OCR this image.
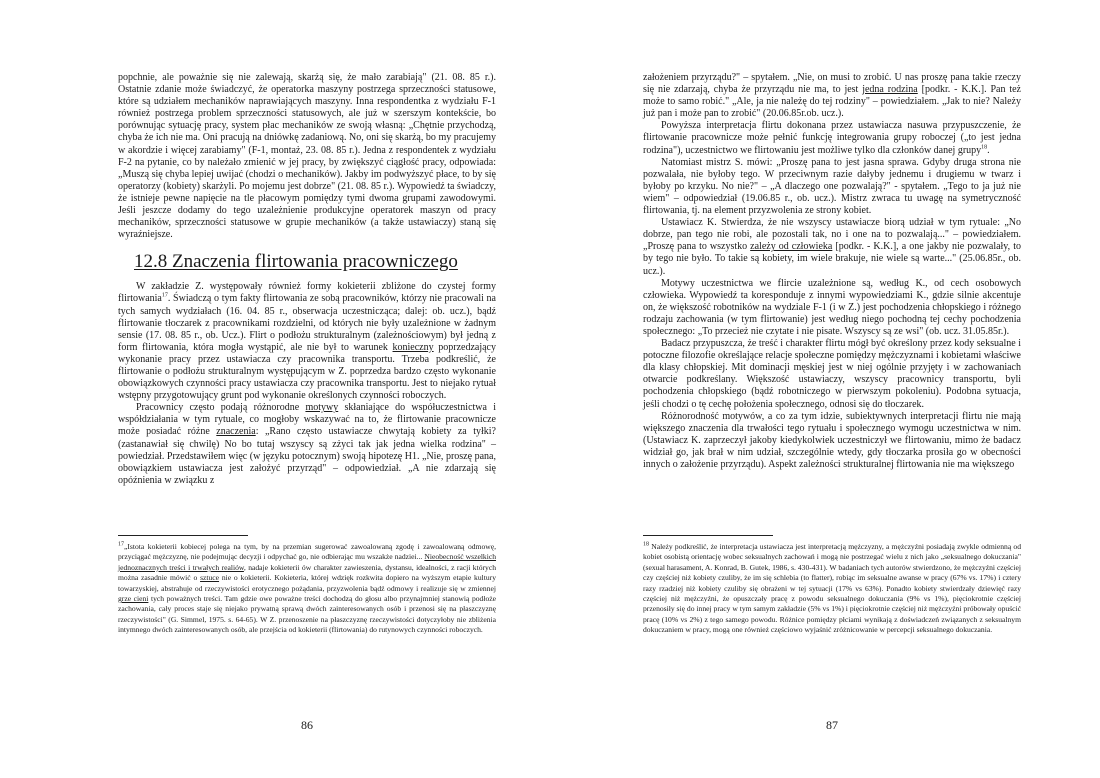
popchnie, ale poważnie się nie zalewają, skarżą się, że mało zarabiają" (21. 08. 85 r.). Ostatnie zdanie może świadczyć, że operatorka maszyny postrzega sprzeczności statusowe, które są udziałem mechaników naprawiających maszyny. Inna respondentka z wydziału F-1 również postrzega problem sprzeczności statusowych, ale już w szerszym kontekście, bo porównując sytuację pracy, system płac mechaników ze swoją własną: „Chętnie przychodzą, chyba że ich nie ma. Oni pracują na dniówkę zadaniową. No, oni się skarżą, bo my pracujemy w akordzie i więcej zarabiamy" (F-1, montaż, 23. 08. 85 r.). Jedna z respondentek z wydziału F-2 na pytanie, co by należało zmienić w jej pracy, by zwiększyć ciągłość pracy, odpowiada: „Muszą się chyba lepiej uwijać (chodzi o mechaników). Jakby im podwyższyć płace, to by się operatorzy (kobiety) skarżyli. Po mojemu jest dobrze" (21. 08. 85 r.). Wypowiedź ta świadczy, że istnieje pewne napięcie na tle płacowym pomiędzy tymi dwoma grupami zawodowymi. Jeśli jeszcze dodamy do tego uzależnienie produkcyjne operatorek maszyn od pracy mechaników, sprzeczności statusowe w grupie mechaników (a także ustawiaczy) staną się wyraźniejsze.

12.8 Znaczenia flirtowania pracowniczego

W zakładzie Z. występowały również formy kokieterii zbliżone do czystej formy flirtowania$^{17}$. Świadczą o tym fakty flirtowania ze sobą pracowników, którzy nie pracowali na tych samych wydziałach (16. 04. 85 r., obserwacja uczestnicząca; dalej: ob. ucz.), bądź flirtowanie tłoczarek z pracownikami rozdzielni, od których nie były uzależnione w żadnym sensie (17. 08. 85 r., ob. Ucz.). Flirt o podłożu strukturalnym (zależnościowym) był jedną z form flirtowania, która mogła wystąpić, ale nie był to warunek konieczny poprzedzający wykonanie pracy przez ustawiacza czy pracownika transportu. Trzeba podkreślić, że flirtowanie o podłożu strukturalnym występującym w Z. poprzedza bardzo często wykonanie obowiązkowych czynności pracy ustawiacza czy pracownika transportu. Jest to niejako rytuał wstępny przygotowujący grunt pod wykonanie określonych czynności roboczych.

Pracownicy często podają różnorodne motywy skłaniające do współuczestnictwa i współdziałania w tym rytuale, co mogłoby wskazywać na to, że flirtowanie pracownicze może posiadać różne znaczenia: „Rano często ustawiacze chwytają kobiety za tyłki? (zastanawiał się chwilę) No bo tutaj wszyscy są zżyci tak jak jedna wielka rodzina" – powiedział. Przedstawiłem więc (w języku potocznym) swoją hipotezę H1. „Nie, proszę pana, obowiązkiem ustawiacza jest założyć przyrząd" – odpowiedział. „A nie zdarzają się opóźnienia w związku z

$^{17}$„Istota kokieterii kobiecej polega na tym, by na przemian sugerować zawoalowaną zgodę i zawoalowaną odmowę, przyciągać mężczyznę, nie podejmując decyzji i odpychać go, nie odbierając mu wszakże nadziei... Nieobecność wszelkich jednoznacznych treści i trwałych realiów, nadaje kokieterii ów charakter zawieszenia, dystansu, idealności, z racji których można zasadnie mówić o sztuce nie o kokieterii. Kokieteria, której wdzięk rozkwita dopiero na wyższym etapie kultury towarzyskiej, abstrahuje od rzeczywistości erotycznego pożądania, przyzwolenia bądź odmowy i realizuje się w zmiennej grze cieni tych poważnych treści. Tam gdzie owe poważne treści dochodzą do głosu albo przynajmniej stanowią podłoże zachowania, cały proces staje się niejako prywatną sprawą dwóch zainteresowanych osób i przenosi się na płaszczyznę rzeczywistości" (G. Simmel, 1975. s. 64-65). W Z. przenoszenie na płaszczyznę rzeczywistości dotyczyłoby nie zbliżenia intymnego dwóch zainteresowanych osób, ale przejścia od kokieterii (flirtowania) do rutynowych czynności roboczych.

86

założeniem przyrządu?" – spytałem. „Nie, on musi to zrobić. U nas proszę pana takie rzeczy się nie zdarzają, chyba że przyrządu nie ma, to jest jedna rodzina [podkr. - K.K.]. Pan też może to samo robić." „Ale, ja nie należę do tej rodziny" – powiedziałem. „Jak to nie? Należy już pan i może pan to zrobić" (20.06.85r.ob. ucz.).

Powyższa interpretacja flirtu dokonana przez ustawiacza nasuwa przypuszczenie, że flirtowanie pracownicze może pełnić funkcję integrowania grupy roboczej („to jest jedna rodzina"), uczestnictwo we flirtowaniu jest możliwe tylko dla członków danej grupy$^{18}$.

Natomiast mistrz S. mówi: „Proszę pana to jest jasna sprawa. Gdyby druga strona nie pozwalała, nie byłoby tego. W przeciwnym razie dałyby jednemu i drugiemu w twarz i byłoby po krzyku. No nie?" – „A dlaczego one pozwalają?" - spytałem. „Tego to ja już nie wiem" – odpowiedział (19.06.85 r., ob. ucz.). Mistrz zwraca tu uwagę na symetryczność flirtowania, tj. na element przyzwolenia ze strony kobiet.

Ustawiacz K. Stwierdza, że nie wszyscy ustawiacze biorą udział w tym rytuale: „No dobrze, pan tego nie robi, ale pozostali tak, no i one na to pozwalają..." – powiedziałem. „Proszę pana to wszystko zależy od człowieka [podkr. - K.K.], a one jakby nie pozwalały, to by tego nie było. To takie są kobiety, im wiele brakuje, nie wiele są warte..." (25.06.85r., ob. ucz.).

Motywy uczestnictwa we flircie uzależnione są, według K., od cech osobowych człowieka. Wypowiedź ta koresponduje z innymi wypowiedziami K., gdzie silnie akcentuje on, że większość robotników na wydziale F-1 (i w Z.) jest pochodzenia chłopskiego i różnego rodzaju zachowania (w tym flirtowanie) jest według niego pochodną tej cechy pochodzenia społecznego: „To przecież nie czytate i nie pisate. Wszyscy są ze wsi" (ob. ucz. 31.05.85r.).

Badacz przypuszcza, że treść i charakter flirtu mógł być określony przez kody seksualne i potoczne filozofie określające relacje społeczne pomiędzy mężczyznami i kobietami właściwe dla klasy chłopskiej. Mit dominacji męskiej jest w niej ogólnie przyjęty i w zachowaniach otwarcie podkreślany. Większość ustawiaczy, wszyscy pracownicy transportu, byli pochodzenia chłopskiego (bądź robotniczego w pierwszym pokoleniu). Podobna sytuacja, jeśli chodzi o tę cechę położenia społecznego, odnosi się do tłoczarek.

Różnorodność motywów, a co za tym idzie, subiektywnych interpretacji flirtu nie mają większego znaczenia dla trwałości tego rytuału i społecznego wymogu uczestnictwa w nim. (Ustawiacz K. zaprzeczył jakoby kiedykolwiek uczestniczył we flirtowaniu, mimo że badacz widział go, jak brał w nim udział, szczególnie wtedy, gdy tłoczarka prosiła go w obecności innych o założenie przyrządu). Aspekt zależności strukturalnej flirtowania nie ma większego

$^{18}$ Należy podkreślić, że interpretacja ustawiacza jest interpretacją mężczyzny, a mężczyźni posiadają zwykle odmienną od kobiet osobistą orientację wobec seksualnych zachowań i mogą nie postrzegać wielu z nich jako „seksualnego dokuczania" (sexual harasament, A. Konrad, B. Gutek, 1986, s. 430-431). W badaniach tych autorów stwierdzono, że mężczyźni częściej czy częściej niż kobiety czuliby, że im się schlebia (to flatter), robiąc im seksualne awanse w pracy (67% vs. 17%) i cztery razy rzadziej niż kobiety czuliby się obrażeni w tej sytuacji (17% vs 63%). Ponadto kobiety stwierdzały dziewięć razy częściej niż mężczyźni, że opuszczały pracę z powodu seksualnego dokuczania (9% vs 1%), pięciokrotnie częściej przenosiły się do innej pracy w tym samym zakładzie (5% vs 1%) i pięciokrotnie częściej niż mężczyźni próbowały opuścić pracę (10% vs 2%) z tego samego powodu. Różnice pomiędzy płciami wynikają z doświadczeń związanych z seksualnym dokuczaniem w pracy, mogą one również częściowo wyjaśnić zróżnicowanie w percepcji seksualnego dokuczania.

87
